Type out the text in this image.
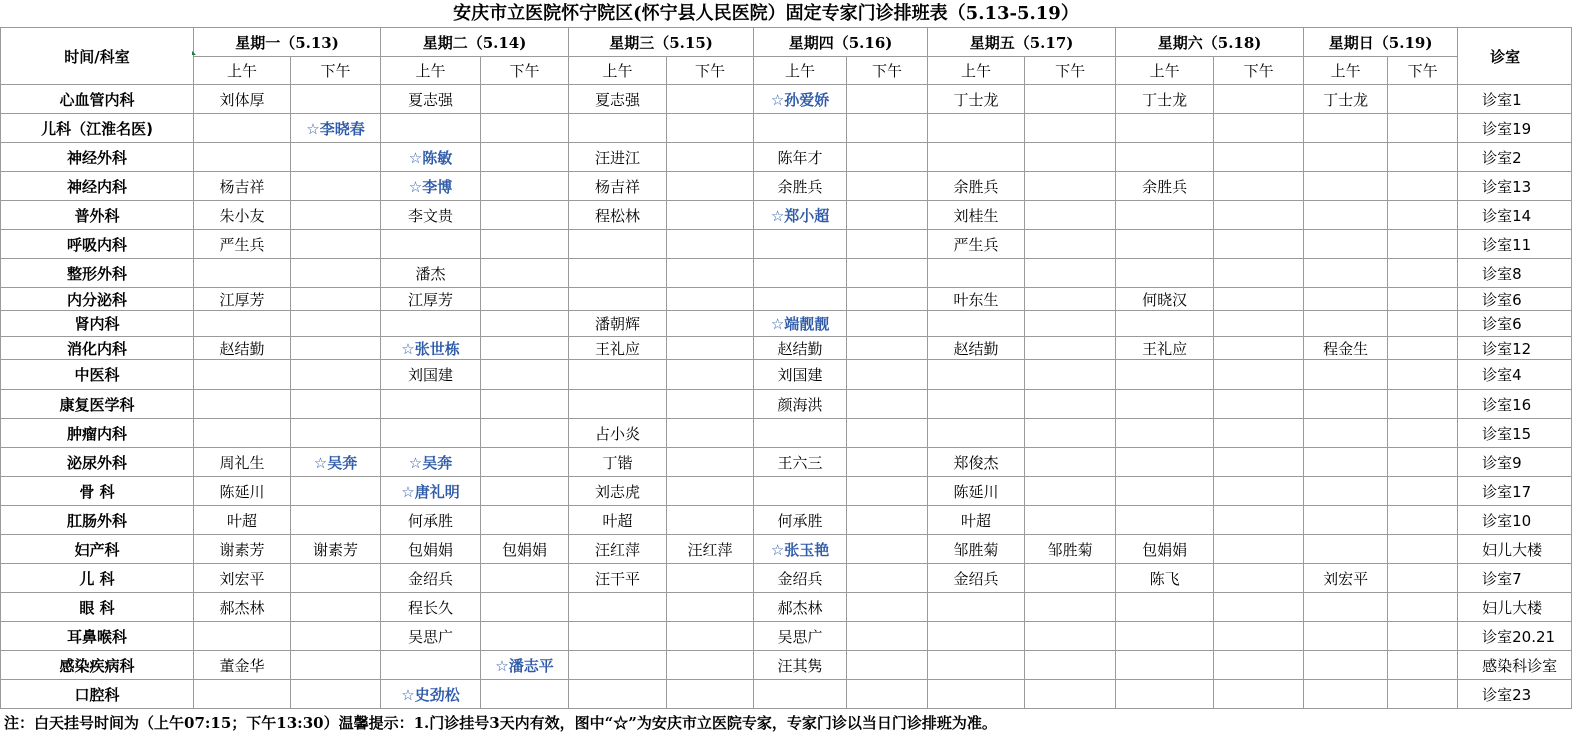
安庆市立医院怀宁院区(怀宁县人民医院）固定专家门诊排班表（5.13-5.19）
时间/科室	星期一（5.13)		星期二（5.14)		星期三（5.15)		星期四（5.16)		星期五（5.17)		星期六（5.18)		星期日（5.19)		诊室
	上午	下午	上午	下午	上午	下午	上午	下午	上午	下午	上午	下午	上午	下午	
心血管内科	刘体厚		夏志强		夏志强		☆孙爱娇		丁士龙		丁士龙		丁士龙		诊室1
儿科（江淮名医)		☆李晓春													诊室19
神经外科			☆陈敏		汪进江		陈年才								诊室2
神经内科	杨吉祥		☆李博		杨吉祥		余胜兵		余胜兵		余胜兵				诊室13
普外科	朱小友		李文贵		程松林		☆郑小超		刘桂生						诊室14
呼吸内科	严生兵								严生兵						诊室11
整形外科			潘杰												诊室8
内分泌科	江厚芳		江厚芳						叶东生		何晓汉				诊室6
肾内科					潘朝辉		☆端靓靓								诊室6
消化内科	赵结勤		☆张世栋		王礼应		赵结勤		赵结勤		王礼应		程金生		诊室12
中医科			刘国建				刘国建								诊室4
康复医学科							颜海洪								诊室16
肿瘤内科					占小炎										诊室15
泌尿外科	周礼生	☆吴奔	☆吴奔		丁锴		王六三		郑俊杰						诊室9
骨 科	陈延川		☆唐礼明		刘志虎				陈延川						诊室17
肛肠外科	叶超		何承胜		叶超		何承胜		叶超						诊室10
妇产科	谢素芳	谢素芳	包娟娟	包娟娟	汪红萍	汪红萍	☆张玉艳		邹胜菊	邹胜菊	包娟娟				妇儿大楼
儿 科	刘宏平		金绍兵		汪干平		金绍兵		金绍兵		陈飞		刘宏平		诊室7
眼 科	郝杰林		程长久				郝杰林								妇儿大楼
耳鼻喉科			吴思广				吴思广								诊室20.21
感染疾病科	董金华			☆潘志平			汪其隽								感染科诊室
口腔科			☆史劲松												诊室23
注：白天挂号时间为（上午07:15；下午13:30）温馨提示：1.门诊挂号3天内有效，图中“☆”为安庆市立医院专家，专家门诊以当日门诊排班为准。
